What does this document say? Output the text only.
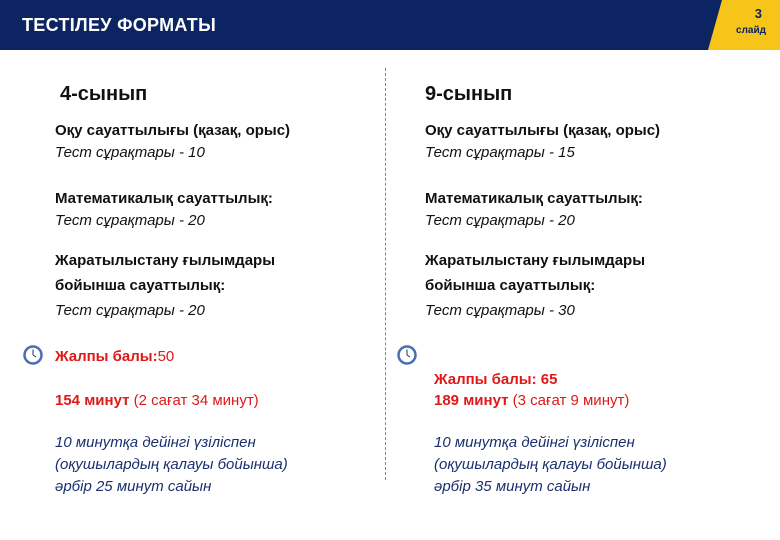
ТЕСТІЛЕУ ФОРМАТЫ
3
слайд
4-сынып
Оқу сауаттылығы (қазақ, орыс)
Тест сұрақтары - 10
Математикалық сауаттылық:
Тест сұрақтары - 20
Жаратылыстану ғылымдары
бойынша сауаттылық:
Тест сұрақтары - 20
Жалпы балы:50
154 минут (2 сағат 34 минут)
10 минутқа дейінгі үзіліспен
(оқушылардың қалауы бойынша)
әрбір 25 минут сайын
9-сынып
Оқу сауаттылығы (қазақ, орыс)
Тест сұрақтары - 15
Математикалық сауаттылық:
Тест сұрақтары - 20
Жаратылыстану ғылымдары
бойынша сауаттылық:
Тест сұрақтары - 30
Жалпы балы: 65
189 минут (3 сағат 9 минут)
10 минутқа дейінгі үзіліспен
(оқушылардың қалауы бойынша)
әрбір 35 минут сайын
